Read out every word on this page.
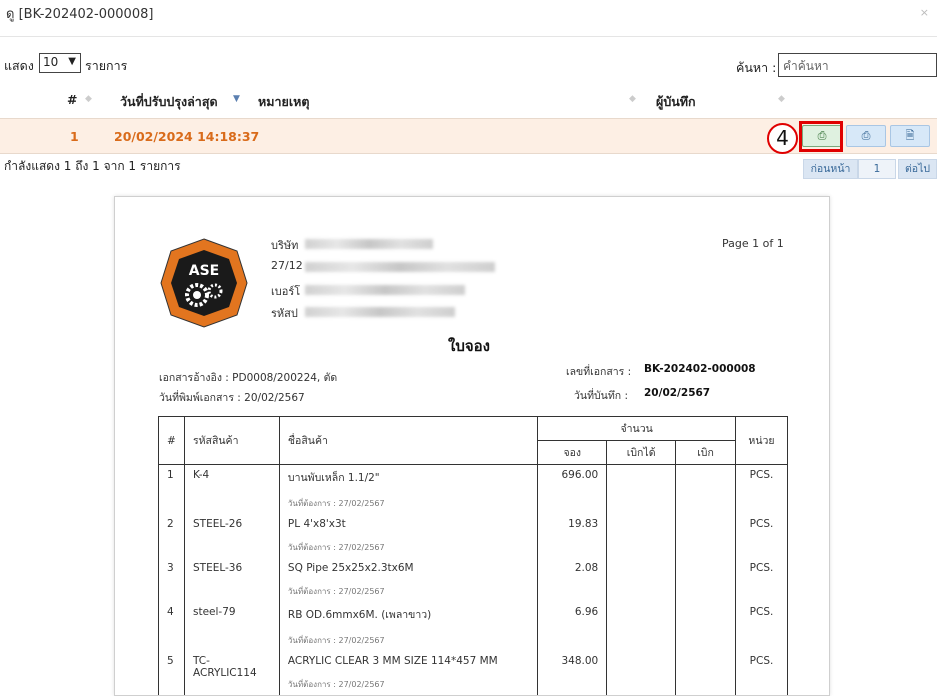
ดู [BK-202402-000008]	×
แสดง 10 ▼ รายการ	ค้นหา : คำค้นหา
# ◆ วันที่ปรับปรุงล่าสุด ▼ หมายเหตุ	◆ ผู้บันทึก	◆
1	20/02/2024 14:18:37	⎙	⎙	🗎
4
กำลังแสดง 1 ถึง 1 จาก 1 รายการ	ก่อนหน้า	1	ต่อไป
ASE
บริษัท
27/12
เบอร์โ
รหัสป
Page 1 of 1
ใบจอง
เอกสารอ้างอิง : PD0008/200224, ตัด
วันที่พิมพ์เอกสาร : 20/02/2567
เลขที่เอกสาร : BK-202402-000008
วันที่บันทึก : 20/02/2567
#	รหัสสินค้า	ชื่อสินค้า	จำนวน			หน่วย
			จอง	เบิกได้	เบิก	
1	K-4	บานพับเหล็ก 1.1/2"
วันที่ต้องการ : 27/02/2567	696.00			PCS.
2	STEEL-26	PL 4'x8'x3t
วันที่ต้องการ : 27/02/2567	19.83			PCS.
3	STEEL-36	SQ Pipe 25x25x2.3tx6M
วันที่ต้องการ : 27/02/2567	2.08			PCS.
4	steel-79	RB OD.6mmx6M. (เพลาขาว)
วันที่ต้องการ : 27/02/2567	6.96			PCS.
5	TC-ACRYLIC114	ACRYLIC CLEAR 3 MM SIZE 114*457 MM
วันที่ต้องการ : 27/02/2567	348.00			PCS.
